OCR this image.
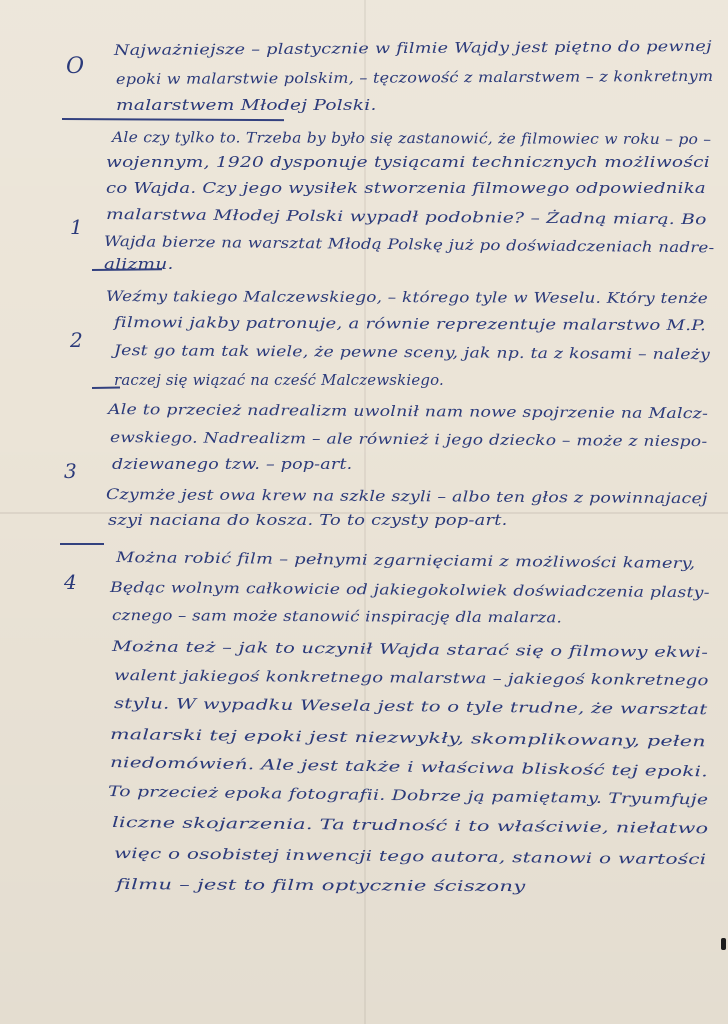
O
1
2
3
4
Najważniejsze – plastycznie w filmie Wajdy jest piętno do pewnej
epoki w malarstwie polskim, – tęczowość z malarstwem – z konkretnym
malarstwem Młodej Polski.
Ale czy tylko to. Trzeba by było się zastanowić, że filmowiec w roku – po –
wojennym, 1920 dysponuje tysiącami technicznych możliwości
co Wajda. Czy jego wysiłek stworzenia filmowego odpowiednika
malarstwa Młodej Polski wypadł podobnie? – Żadną miarą. Bo
Wajda bierze na warsztat Młodą Polskę już po doświadczeniach nadre-
alizmu.
Weźmy takiego Malczewskiego, – którego tyle w Weselu. Który tenże
filmowi jakby patronuje, a równie reprezentuje malarstwo M.P.
Jest go tam tak wiele, że pewne sceny, jak np. ta z kosami – należy
raczej się wiązać na cześć Malczewskiego.
Ale to przecież nadrealizm uwolnił nam nowe spojrzenie na Malcz-
ewskiego. Nadrealizm – ale również i jego dziecko – może z niespo-
dziewanego tzw. – pop-art.
Czymże jest owa krew na szkle szyli – albo ten głos z powinnajacej
szyi naciana do kosza. To to czysty pop-art.
Można robić film – pełnymi zgarnięciami z możliwości kamery,
Będąc wolnym całkowicie od jakiegokolwiek doświadczenia plasty-
cznego – sam może stanowić inspirację dla malarza.
Można też – jak to uczynił Wajda starać się o filmowy ekwi-
walent jakiegoś konkretnego malarstwa – jakiegoś konkretnego
stylu. W wypadku Wesela jest to o tyle trudne, że warsztat
malarski tej epoki jest niezwykły, skomplikowany, pełen
niedomówień. Ale jest także i właściwa bliskość tej epoki.
To przecież epoka fotografii. Dobrze ją pamiętamy. Tryumfuje
liczne skojarzenia. Ta trudność i to właściwie, niełatwo
więc o osobistej inwencji tego autora, stanowi o wartości
filmu – jest to film optycznie ściszony
